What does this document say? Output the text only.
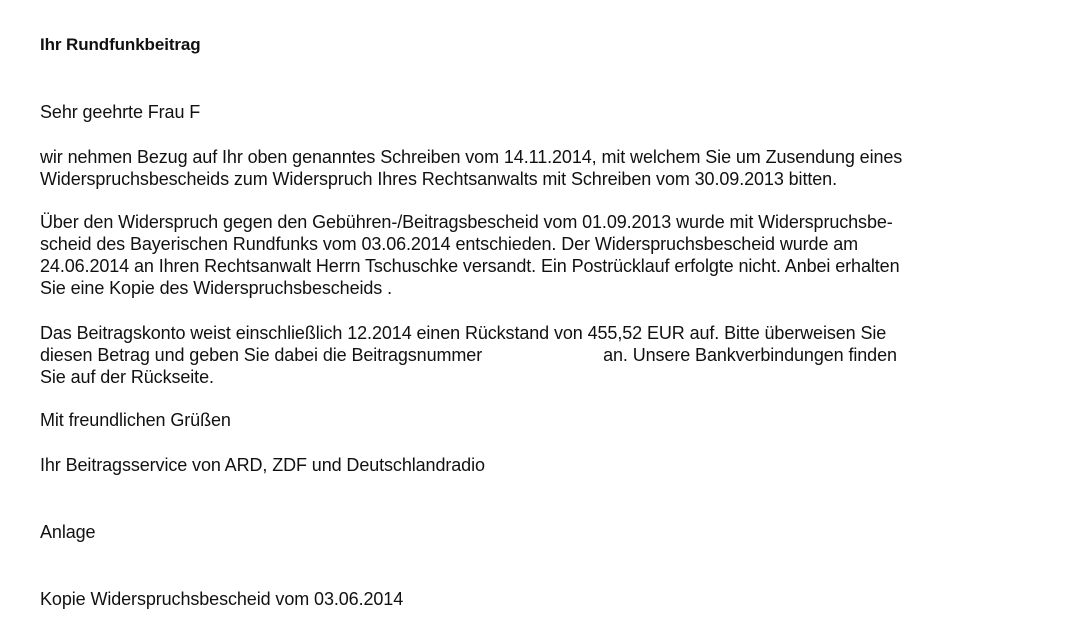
Ihr Rundfunkbeitrag
Sehr geehrte Frau F
wir nehmen Bezug auf Ihr oben genanntes Schreiben vom 14.11.2014, mit welchem Sie um Zusendung eines
Widerspruchsbescheids zum Widerspruch Ihres Rechtsanwalts mit Schreiben vom 30.09.2013 bitten.
Über den Widerspruch gegen den Gebühren-/Beitragsbescheid vom 01.09.2013 wurde mit Widerspruchsbe-
scheid des Bayerischen Rundfunks vom 03.06.2014 entschieden. Der Widerspruchsbescheid wurde am
24.06.2014 an Ihren Rechtsanwalt Herrn Tschuschke versandt. Ein Postrücklauf erfolgte nicht. Anbei erhalten
Sie eine Kopie des Widerspruchsbescheids .
Das Beitragskonto weist einschließlich 12.2014 einen Rückstand von 455,52 EUR auf. Bitte überweisen Sie
diesen Betrag und geben Sie dabei die Beitragsnummer	an. Unsere Bankverbindungen finden
Sie auf der Rückseite.
Mit freundlichen Grüßen
Ihr Beitragsservice von ARD, ZDF und Deutschlandradio
Anlage
Kopie Widerspruchsbescheid vom 03.06.2014
